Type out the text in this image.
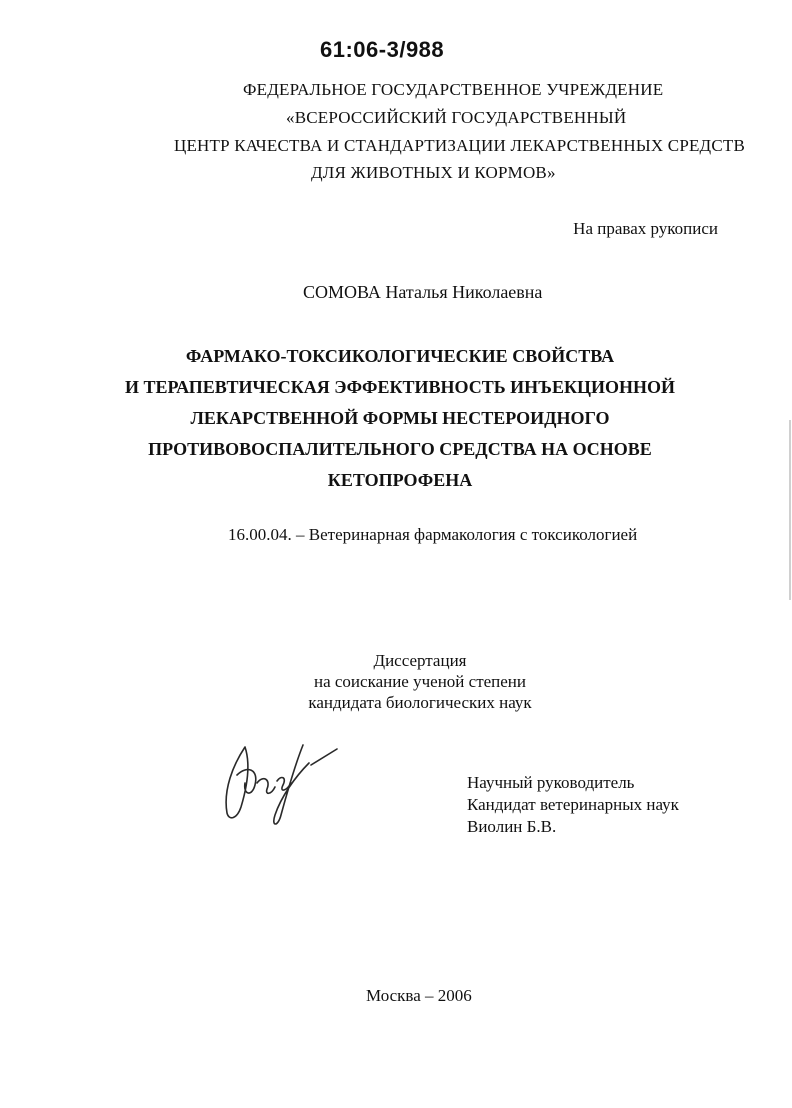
61:06-3/988
ФЕДЕРАЛЬНОЕ ГОСУДАРСТВЕННОЕ УЧРЕЖДЕНИЕ
«ВСЕРОССИЙСКИЙ ГОСУДАРСТВЕННЫЙ
ЦЕНТР КАЧЕСТВА И СТАНДАРТИЗАЦИИ ЛЕКАРСТВЕННЫХ СРЕДСТВ
ДЛЯ ЖИВОТНЫХ И КОРМОВ»
На правах рукописи
СОМОВА Наталья Николаевна
ФАРМАКО-ТОКСИКОЛОГИЧЕСКИЕ СВОЙСТВА
И ТЕРАПЕВТИЧЕСКАЯ ЭФФЕКТИВНОСТЬ ИНЪЕКЦИОННОЙ
ЛЕКАРСТВЕННОЙ ФОРМЫ НЕСТЕРОИДНОГО
ПРОТИВОВОСПАЛИТЕЛЬНОГО СРЕДСТВА НА ОСНОВЕ
КЕТОПРОФЕНА
16.00.04. – Ветеринарная фармакология с токсикологией
Диссертация
на соискание ученой степени
кандидата биологических наук
Научный руководитель
Кандидат ветеринарных наук
Виолин Б.В.
Москва – 2006
